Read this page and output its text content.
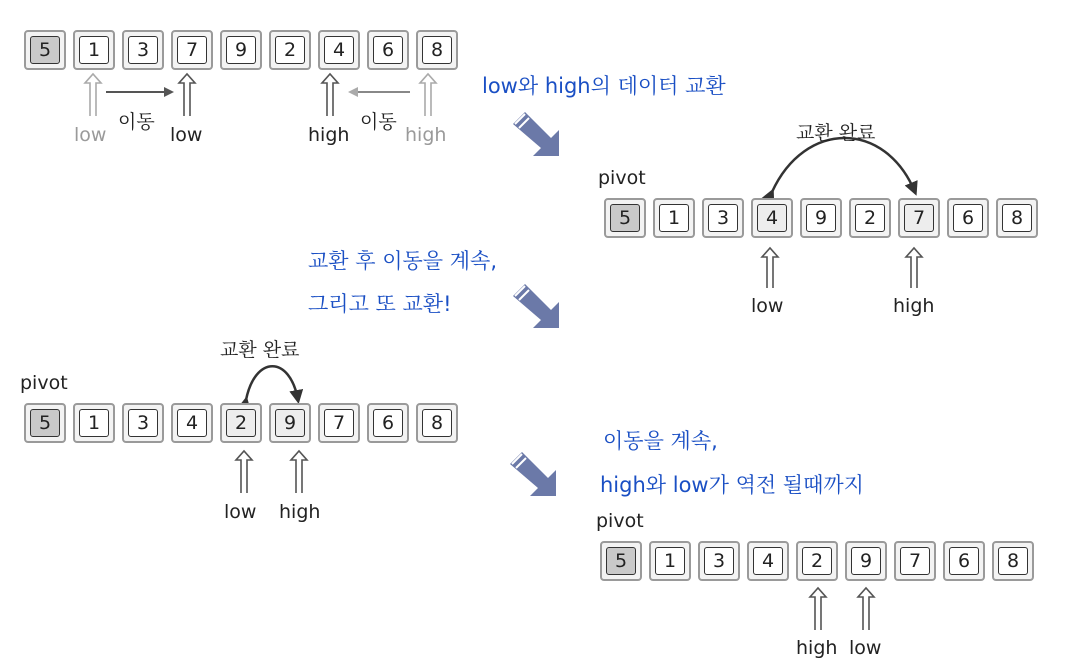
5	1	3	7	9	2	4	6	8
low
이동
low	high
이동
high
low와 high의 데이터 교환
교환 완료
pivot
5	1	3	4	9	2	7	6	8
low	high
교환 후 이동을 계속,
그리고 또 교환!
교환 완료
pivot
5	1	3	4	2	9	7	6	8
low high
이동을 계속,
high와 low가 역전 될때까지
pivot
5	1	3	4	2	9	7	6	8
high low
